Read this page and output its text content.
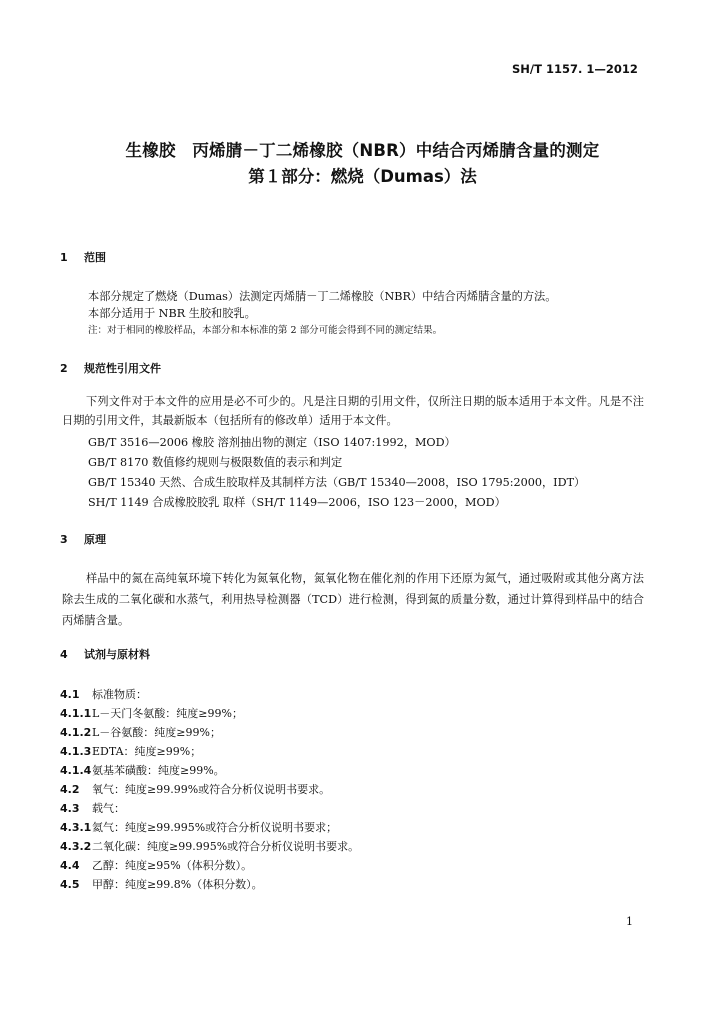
SH/T 1157. 1—2012
生橡胶　丙烯腈－丁二烯橡胶（NBR）中结合丙烯腈含量的测定
第１部分：燃烧（Dumas）法
1 范围
本部分规定了燃烧（Dumas）法测定丙烯腈－丁二烯橡胶（NBR）中结合丙烯腈含量的方法。
本部分适用于 NBR 生胶和胶乳。
注：对于相同的橡胶样品，本部分和本标准的第 2 部分可能会得到不同的测定结果。
2 规范性引用文件
下列文件对于本文件的应用是必不可少的。凡是注日期的引用文件，仅所注日期的版本适用于本文件。凡是不注日期的引用文件，其最新版本（包括所有的修改单）适用于本文件。
GB/T 3516—2006 橡胶 溶剂抽出物的测定（ISO 1407:1992，MOD）
GB/T 8170 数值修约规则与极限数值的表示和判定
GB/T 15340 天然、合成生胶取样及其制样方法（GB/T 15340—2008，ISO 1795:2000，IDT）
SH/T 1149 合成橡胶胶乳 取样（SH/T 1149—2006，ISO 123－2000，MOD）
3 原理
样品中的氮在高纯氧环境下转化为氮氧化物，氮氧化物在催化剂的作用下还原为氮气，通过吸附或其他分离方法除去生成的二氧化碳和水蒸气，利用热导检测器（TCD）进行检测，得到氮的质量分数，通过计算得到样品中的结合丙烯腈含量。
4 试剂与原材料
4.1 标准物质：
4.1.1L－天门冬氨酸：纯度≥99%；
4.1.2L－谷氨酸：纯度≥99%；
4.1.3EDTA：纯度≥99%；
4.1.4氨基苯磺酸：纯度≥99%。
4.2 氧气：纯度≥99.99%或符合分析仪说明书要求。
4.3 载气：
4.3.1氦气：纯度≥99.995%或符合分析仪说明书要求；
4.3.2二氧化碳：纯度≥99.995%或符合分析仪说明书要求。
4.4 乙醇：纯度≥95%（体积分数）。
4.5 甲醇：纯度≥99.8%（体积分数）。
1
